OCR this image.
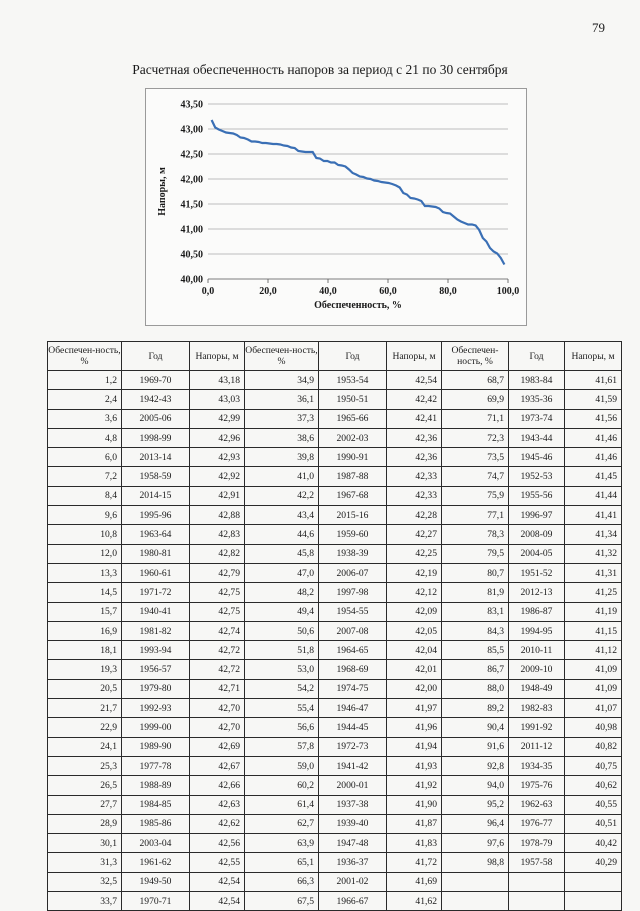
79
Расчетная обеспеченность напоров за период с 21 по 30 сентября
40,00
40,50
41,00
41,50
42,00
42,50
43,00
43,50
0,0	20,0	40,0	60,0	80,0	100,0
Напоры, м
Обеспеченность, %
Обеспечен-ность, %	Год	Напоры, м	Обеспечен-ность, %	Год	Напоры, м	Обеспечен-ность, %	Год	Напоры, м
1,2	1969-70	43,18	34,9	1953-54	42,54	68,7	1983-84	41,61
2,4	1942-43	43,03	36,1	1950-51	42,42	69,9	1935-36	41,59
3,6	2005-06	42,99	37,3	1965-66	42,41	71,1	1973-74	41,56
4,8	1998-99	42,96	38,6	2002-03	42,36	72,3	1943-44	41,46
6,0	2013-14	42,93	39,8	1990-91	42,36	73,5	1945-46	41,46
7,2	1958-59	42,92	41,0	1987-88	42,33	74,7	1952-53	41,45
8,4	2014-15	42,91	42,2	1967-68	42,33	75,9	1955-56	41,44
9,6	1995-96	42,88	43,4	2015-16	42,28	77,1	1996-97	41,41
10,8	1963-64	42,83	44,6	1959-60	42,27	78,3	2008-09	41,34
12,0	1980-81	42,82	45,8	1938-39	42,25	79,5	2004-05	41,32
13,3	1960-61	42,79	47,0	2006-07	42,19	80,7	1951-52	41,31
14,5	1971-72	42,75	48,2	1997-98	42,12	81,9	2012-13	41,25
15,7	1940-41	42,75	49,4	1954-55	42,09	83,1	1986-87	41,19
16,9	1981-82	42,74	50,6	2007-08	42,05	84,3	1994-95	41,15
18,1	1993-94	42,72	51,8	1964-65	42,04	85,5	2010-11	41,12
19,3	1956-57	42,72	53,0	1968-69	42,01	86,7	2009-10	41,09
20,5	1979-80	42,71	54,2	1974-75	42,00	88,0	1948-49	41,09
21,7	1992-93	42,70	55,4	1946-47	41,97	89,2	1982-83	41,07
22,9	1999-00	42,70	56,6	1944-45	41,96	90,4	1991-92	40,98
24,1	1989-90	42,69	57,8	1972-73	41,94	91,6	2011-12	40,82
25,3	1977-78	42,67	59,0	1941-42	41,93	92,8	1934-35	40,75
26,5	1988-89	42,66	60,2	2000-01	41,92	94,0	1975-76	40,62
27,7	1984-85	42,63	61,4	1937-38	41,90	95,2	1962-63	40,55
28,9	1985-86	42,62	62,7	1939-40	41,87	96,4	1976-77	40,51
30,1	2003-04	42,56	63,9	1947-48	41,83	97,6	1978-79	40,42
31,3	1961-62	42,55	65,1	1936-37	41,72	98,8	1957-58	40,29
32,5	1949-50	42,54	66,3	2001-02	41,69			
33,7	1970-71	42,54	67,5	1966-67	41,62			
